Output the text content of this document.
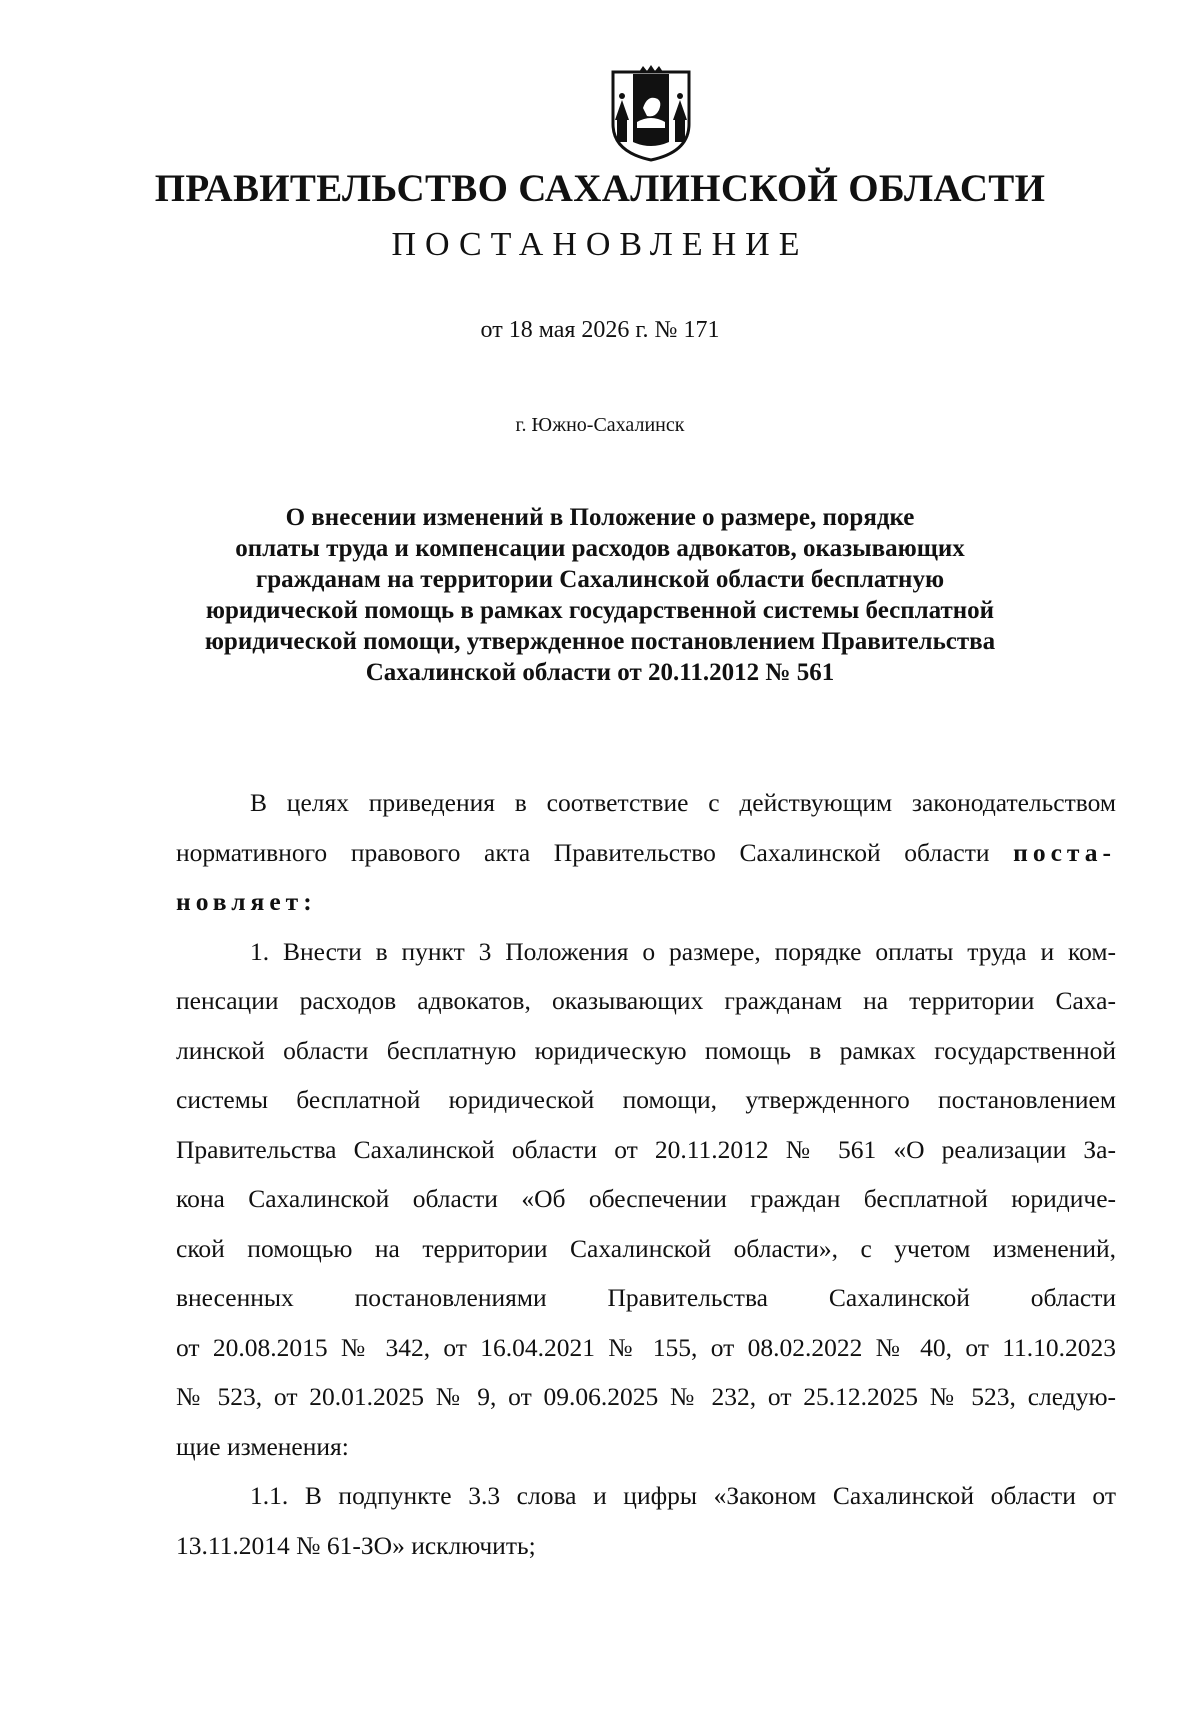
ПРАВИТЕЛЬСТВО САХАЛИНСКОЙ ОБЛАСТИ
ПОСТАНОВЛЕНИЕ
от 18 мая 2026 г. № 171
г. Южно-Сахалинск
О внесении изменений в Положение о размере, порядке
оплаты труда и компенсации расходов адвокатов, оказывающих
гражданам на территории Сахалинской области бесплатную
юридической помощь в рамках государственной системы бесплатной
юридической помощи, утвержденное постановлением Правительства
Сахалинской области от 20.11.2012 № 561
В целях приведения в соответствие с действующим законодательством
нормативного правового акта Правительство Сахалинской области поста-
новляет:
1. Внести в пункт 3 Положения о размере, порядке оплаты труда и ком-
пенсации расходов адвокатов, оказывающих гражданам на территории Саха-
линской области бесплатную юридическую помощь в рамках государственной
системы бесплатной юридической помощи, утвержденного постановлением
Правительства Сахалинской области от 20.11.2012 № 561 «О реализации За-
кона Сахалинской области «Об обеспечении граждан бесплатной юридиче-
ской помощью на территории Сахалинской области», с учетом изменений,
внесенных постановлениями Правительства Сахалинской области
от 20.08.2015 № 342, от 16.04.2021 № 155, от 08.02.2022 № 40, от 11.10.2023
№ 523, от 20.01.2025 № 9, от 09.06.2025 № 232, от 25.12.2025 № 523, следую-
щие изменения:
1.1. В подпункте 3.3 слова и цифры «Законом Сахалинской области от
13.11.2014 № 61-ЗО» исключить;
